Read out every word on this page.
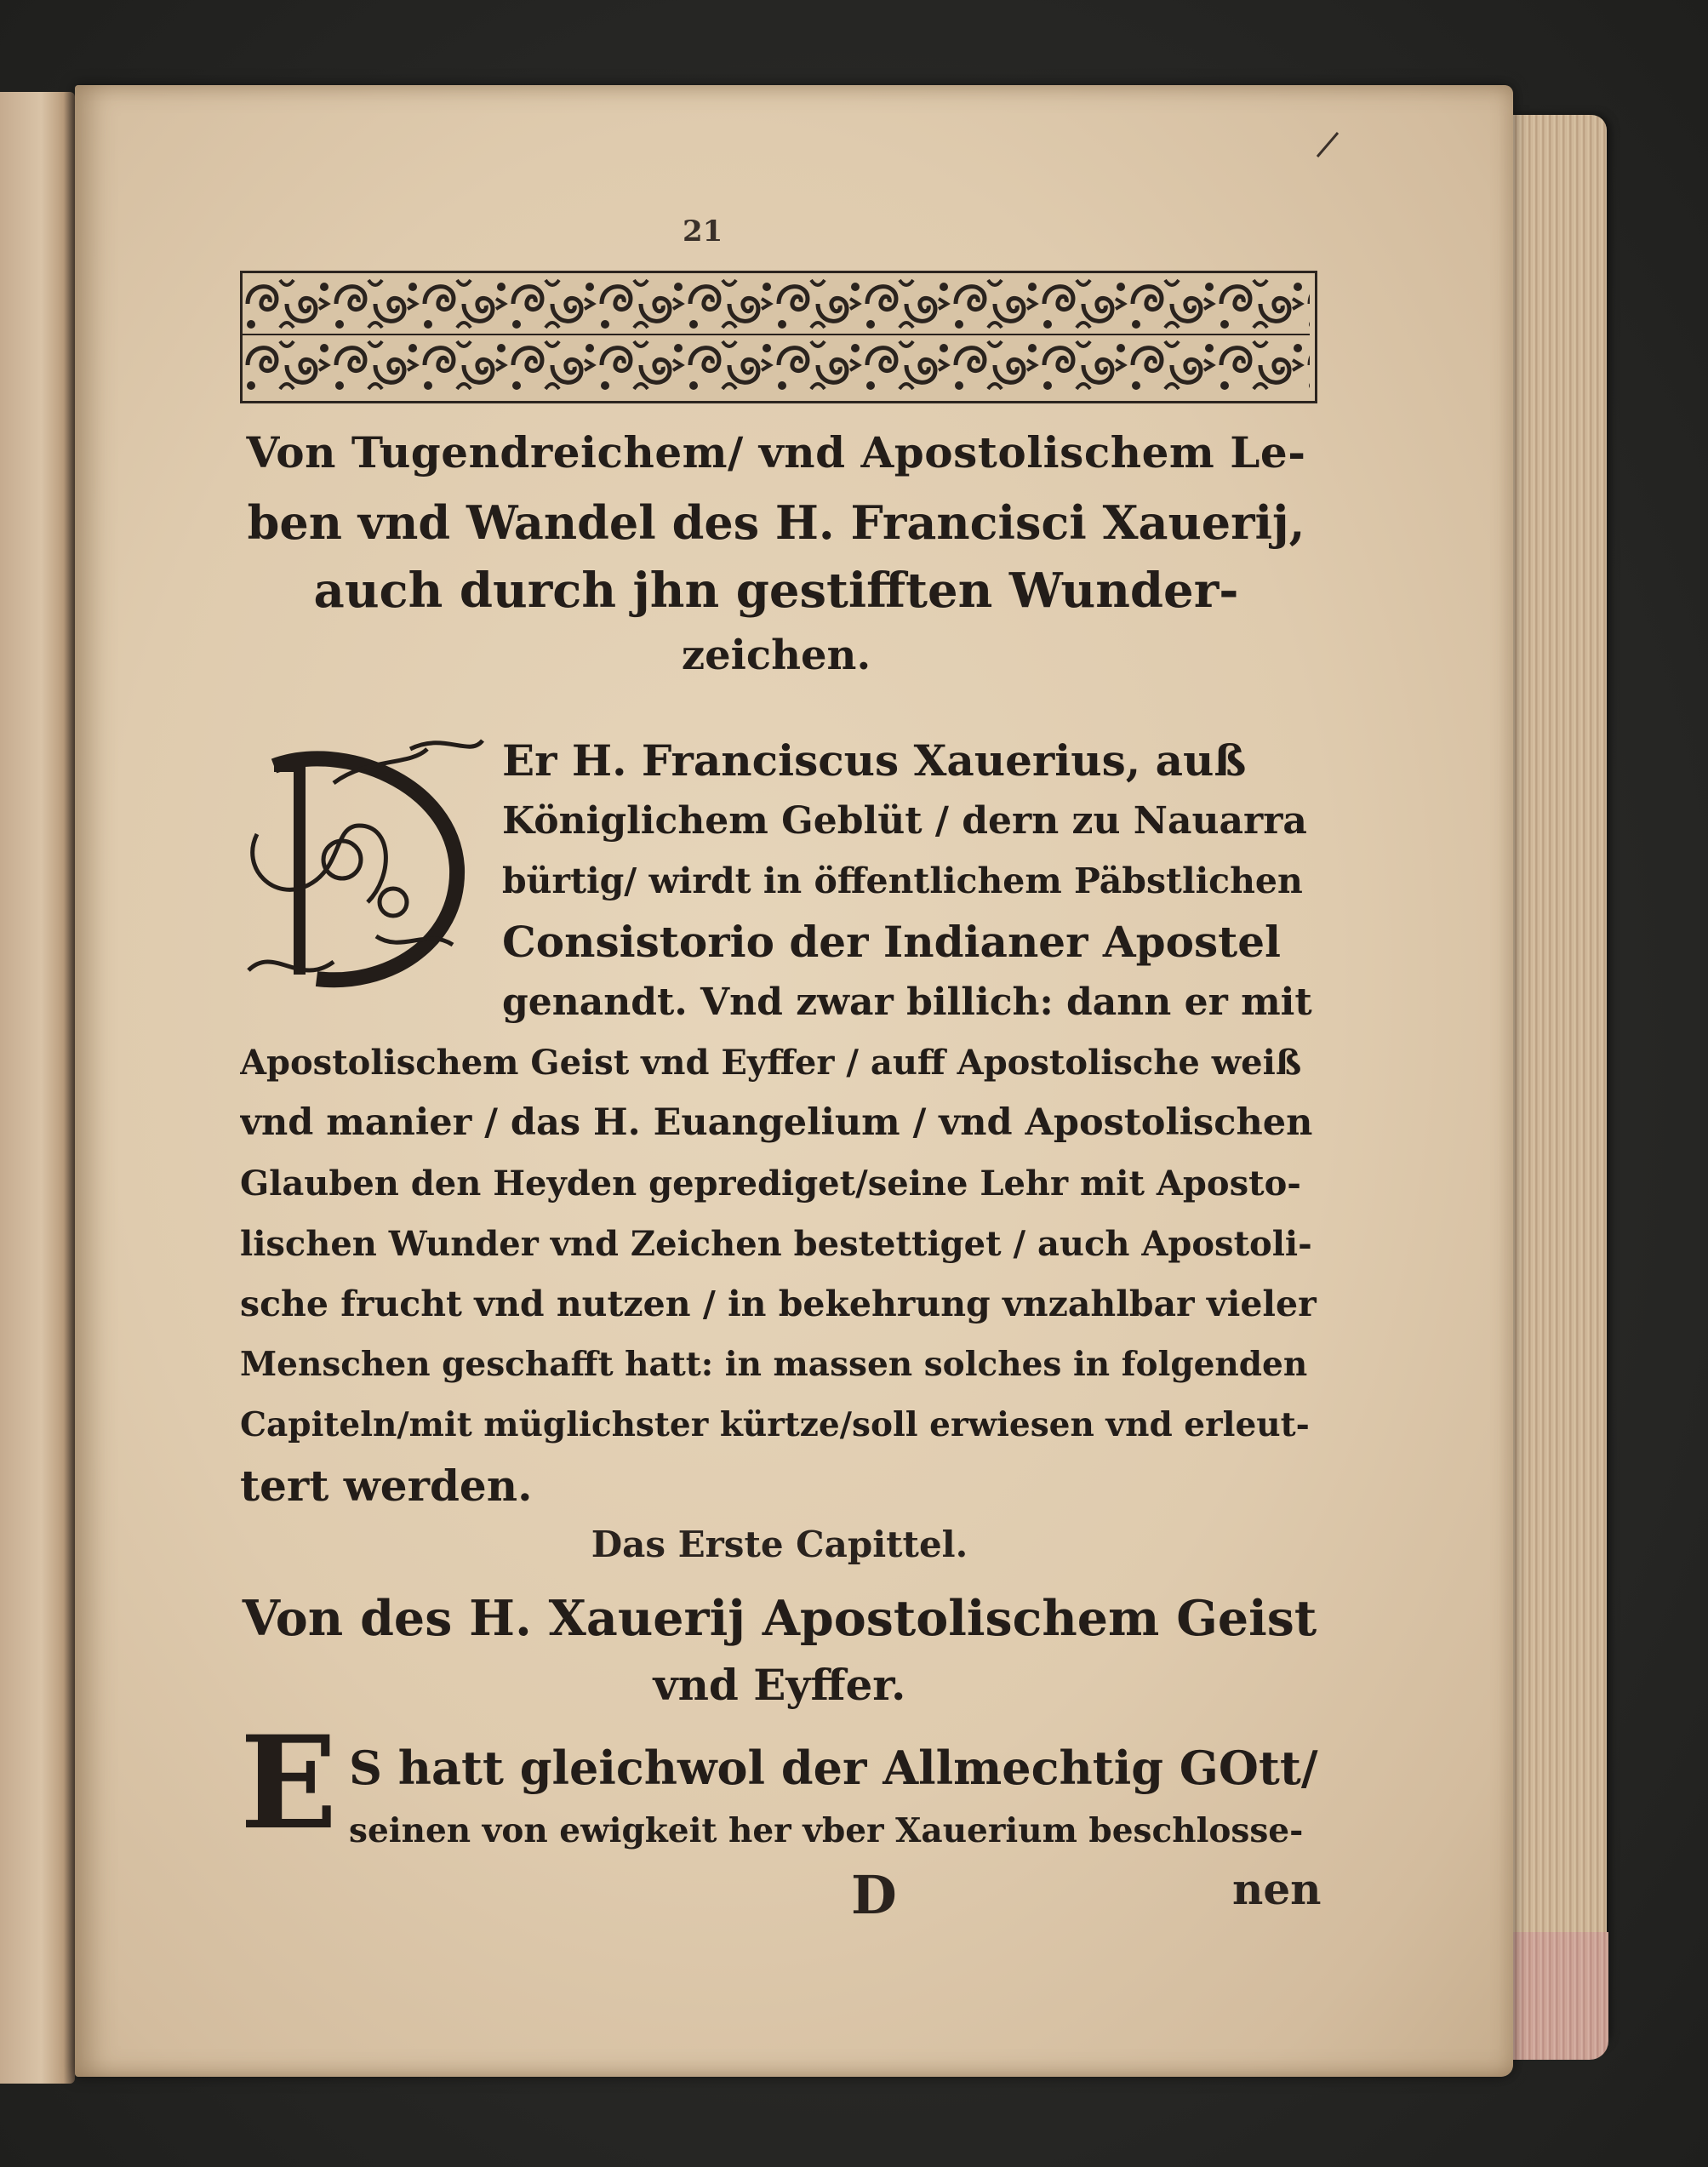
21
Von Tugendreichem/ vnd Apostolischem Le-
ben vnd Wandel des H. Francisci Xauerij,
auch durch jhn gestifften Wunder-
zeichen.
Er H. Franciscus Xauerius, auß
Königlichem Geblüt / dern zu Nauarra
bürtig/ wirdt in öffentlichem Päbstlichen
Consistorio der Indianer Apostel
genandt. Vnd zwar billich: dann er mit
Apostolischem Geist vnd Eyffer / auff Apostolische weiß
vnd manier / das H. Euangelium / vnd Apostolischen
Glauben den Heyden geprediget/seine Lehr mit Aposto-
lischen Wunder vnd Zeichen bestettiget / auch Apostoli-
sche frucht vnd nutzen / in bekehrung vnzahlbar vieler
Menschen geschafft hatt: in massen solches in folgenden
Capiteln/mit müglichster kürtze/soll erwiesen vnd erleut-
tert werden.
Das Erste Capittel.
Von des H. Xauerij Apostolischem Geist
vnd Eyffer.
E S hatt gleichwol der Allmechtig GOtt/
seinen von ewigkeit her vber Xauerium beschlosse-
D	nen
